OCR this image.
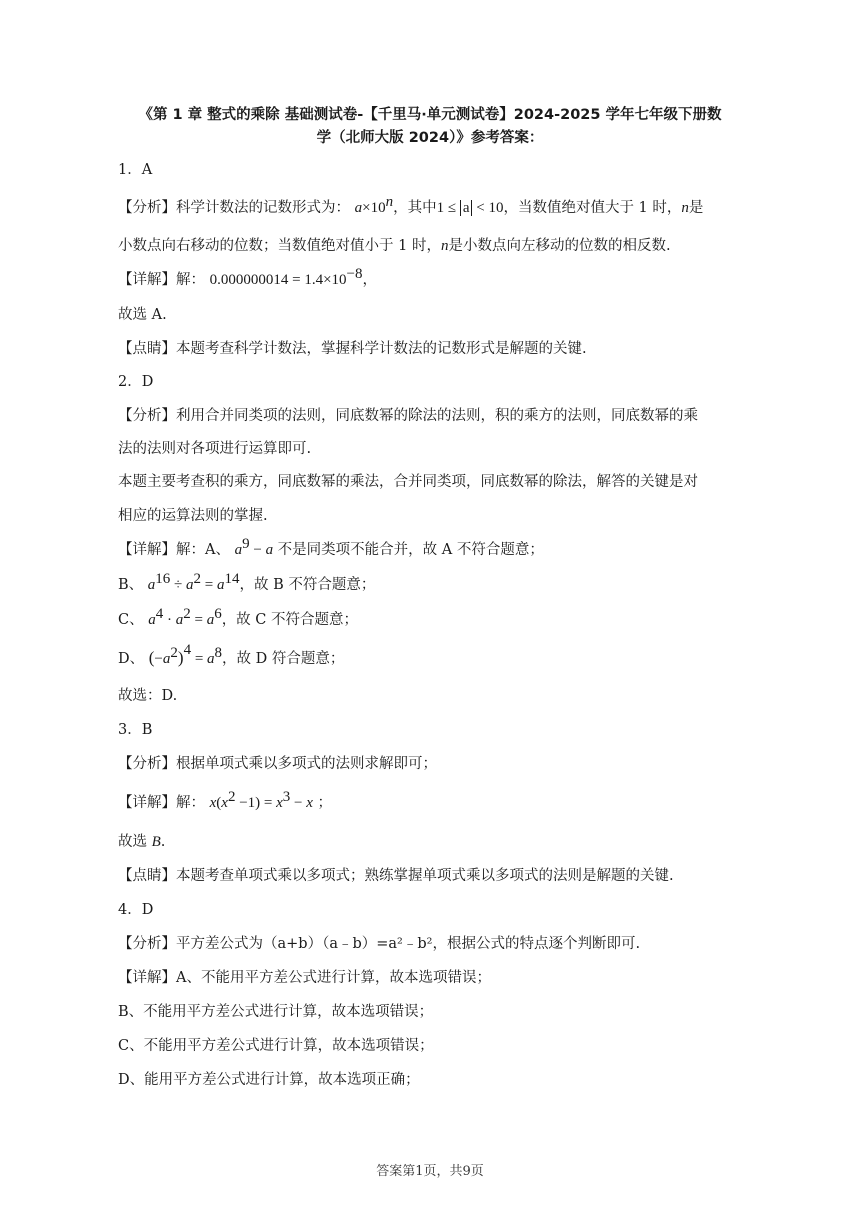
《第 1 章 整式的乘除 基础测试卷-【千里马·单元测试卷】2024-2025 学年七年级下册数
学（北师大版 2024）》参考答案：
1．A
【分析】科学计数法的记数形式为： $a\times 10^n$，其中1 ≤ a < 10，当数值绝对值大于 1 时，n是
小数点向右移动的位数；当数值绝对值小于 1 时，n是小数点向左移动的位数的相反数.
【详解】解： $0.000000014 = 1.4\times 10^{-8}$，
故选 A.
【点睛】本题考查科学计数法，掌握科学计数法的记数形式是解题的关键.
2．D
【分析】利用合并同类项的法则，同底数幂的除法的法则，积的乘方的法则，同底数幂的乘
法的法则对各项进行运算即可.
本题主要考查积的乘方，同底数幂的乘法，合并同类项，同底数幂的除法，解答的关键是对
相应的运算法则的掌握.
【详解】解：A、 $a^9 - a$ 不是同类项不能合并，故 A 不符合题意；
B、 $a^{16} \div a^2 = a^{14}$，故 B 不符合题意；
C、 $a^4 \cdot a^2 = a^6$，故 C 不符合题意；
D、 $(-a^2)^4 = a^8$，故 D 符合题意；
故选：D.
3．B
【分析】根据单项式乘以多项式的法则求解即可；
【详解】解： $x(x^2 -1) = x^3 - x$ ；
故选 B.
【点睛】本题考查单项式乘以多项式；熟练掌握单项式乘以多项式的法则是解题的关键.
4．D
【分析】平方差公式为（a+b）（a﹣b）=a²﹣b²，根据公式的特点逐个判断即可.
【详解】A、不能用平方差公式进行计算，故本选项错误；
B、不能用平方差公式进行计算，故本选项错误；
C、不能用平方差公式进行计算，故本选项错误；
D、能用平方差公式进行计算，故本选项正确；
答案第1页，共9页
